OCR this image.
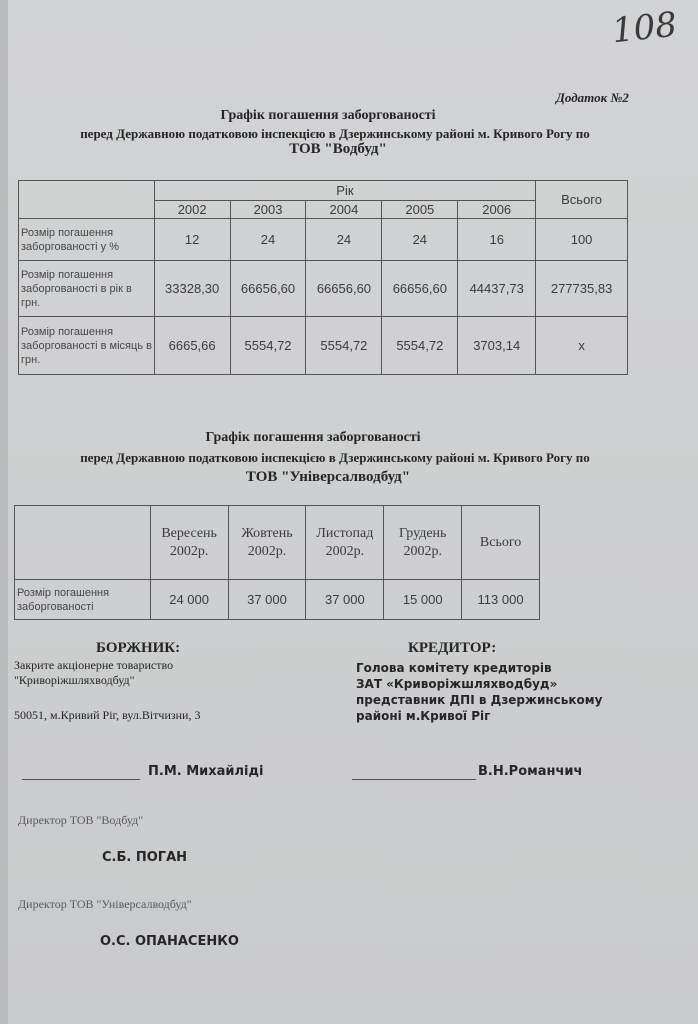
108
Додаток №2
Графік погашення заборгованості
перед Державною податковою інспекцією в Дзержинському районі м. Кривого Рогу по
ТОВ "Водбуд"
	Рік					Всього
	2002	2003	2004	2005	2006	
Розмір погашення заборгованості у %	12	24	24	24	16	100
Розмір погашення заборгованості в рік в грн.	33328,30	66656,60	66656,60	66656,60	44437,73	277735,83
Розмір погашення заборгованості в місяць в грн.	6665,66	5554,72	5554,72	5554,72	3703,14	x
Графік погашення заборгованості
перед Державною податковою інспекцією в Дзержинському районі м. Кривого Рогу по
ТОВ "Універсалводбуд"
	Вересень 2002р.	Жовтень 2002р.	Листопад 2002р.	Грудень 2002р.	Всього
Розмір погашення заборгованості	24 000	37 000	37 000	15 000	113 000
БОРЖНИК:	КРЕДИТОР:
Закрите акціонерне товариство
"Криворіжшляхводбуд"
50051, м.Кривий Ріг, вул.Вітчизни, 3
Голова комітету кредиторів
ЗАТ «Криворіжшляхводбуд»
представник ДПІ в Дзержинському
районі м.Кривої Ріг
П.М. Михайліді	В.Н.Романчич
Директор ТОВ "Водбуд"
С.Б. ПОГАН
Директор ТОВ "Універсалводбуд"
О.С. ОПАНАСЕНКО
